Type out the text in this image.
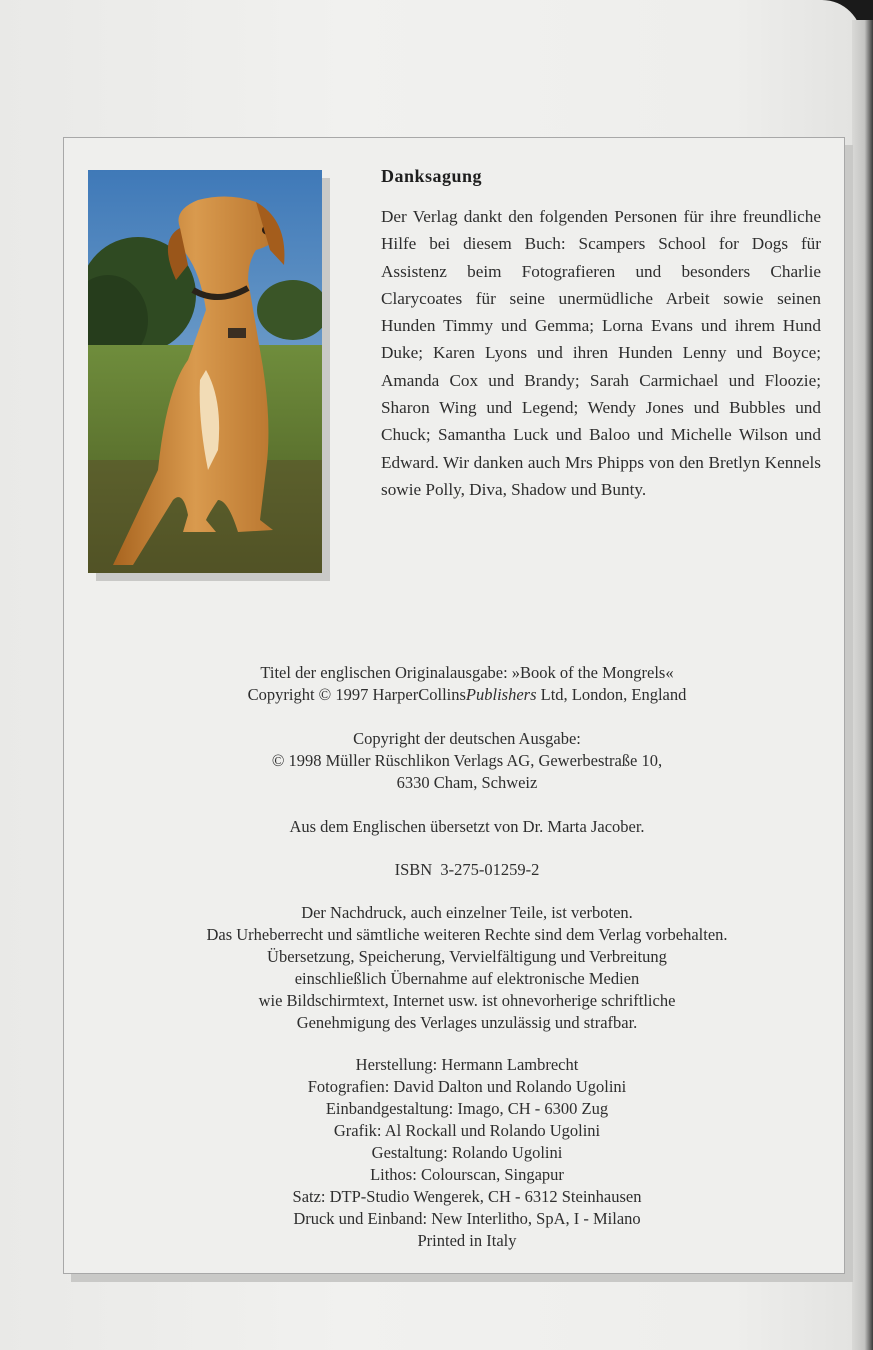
Danksagung

Der Verlag dankt den folgenden Personen für ihre freundliche Hilfe bei diesem Buch: Scampers School for Dogs für Assistenz beim Fotografieren und besonders Charlie Clarycoates für seine unermüdliche Arbeit sowie seinen Hunden Timmy und Gemma; Lorna Evans und ihrem Hund Duke; Karen Lyons und ihren Hunden Lenny und Boyce; Amanda Cox und Brandy; Sarah Carmichael und Floozie; Sharon Wing und Legend; Wendy Jones und Bubbles und Chuck; Samantha Luck und Baloo und Michelle Wilson und Edward. Wir danken auch Mrs Phipps von den Bretlyn Kennels sowie Polly, Diva, Shadow und Bunty.

Titel der englischen Originalausgabe: »Book of the Mongrels«
Copyright © 1997 HarperCollinsPublishers Ltd, London, England
Copyright der deutschen Ausgabe:
© 1998 Müller Rüschlikon Verlags AG, Gewerbestraße 10,
6330 Cham, Schweiz
Aus dem Englischen übersetzt von Dr. Marta Jacober.
ISBN  3-275-01259-2
Der Nachdruck, auch einzelner Teile, ist verboten.
Das Urheberrecht und sämtliche weiteren Rechte sind dem Verlag vorbehalten.
Übersetzung, Speicherung, Vervielfältigung und Verbreitung
einschließlich Übernahme auf elektronische Medien
wie Bildschirmtext, Internet usw. ist ohnevorherige schriftliche
Genehmigung des Verlages unzulässig und strafbar.
Herstellung: Hermann Lambrecht
Fotografien: David Dalton und Rolando Ugolini
Einbandgestaltung: Imago, CH - 6300 Zug
Grafik: Al Rockall und Rolando Ugolini
Gestaltung: Rolando Ugolini
Lithos: Colourscan, Singapur
Satz: DTP-Studio Wengerek, CH - 6312 Steinhausen
Druck und Einband: New Interlitho, SpA, I - Milano
Printed in Italy
